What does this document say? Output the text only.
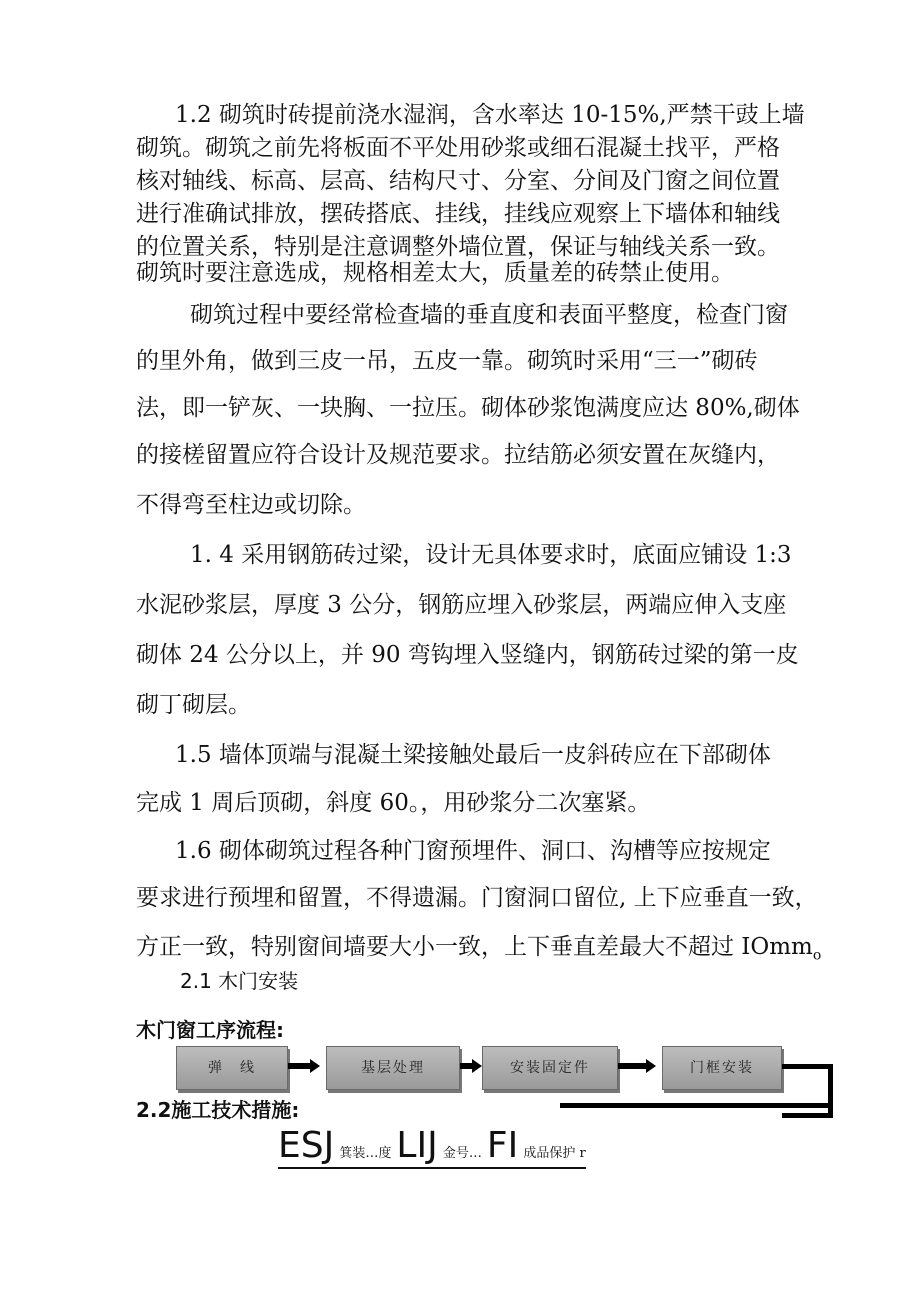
1.2 砌筑时砖提前浇水湿润，含水率达 10-15%,严禁干豉上墙
砌筑。砌筑之前先将板面不平处用砂浆或细石混凝土找平，严格
核对轴线、标高、层高、结构尺寸、分室、分间及门窗之间位置
进行准确试排放，摆砖搭底、挂线，挂线应观察上下墙体和轴线
的位置关系，特别是注意调整外墙位置，保证与轴线关系一致。
砌筑时要注意选成，规格相差太大，质量差的砖禁止使用。
砌筑过程中要经常检查墙的垂直度和表面平整度，检查门窗
的里外角，做到三皮一吊，五皮一靠。砌筑时采用“三一”砌砖
法，即一铲灰、一块胸、一拉压。砌体砂浆饱满度应达 80%,砌体
的接槎留置应符合设计及规范要求。拉结筋必须安置在灰缝内，
不得弯至柱边或切除。
1. 4 采用钢筋砖过梁，设计无具体要求时，底面应铺设 1:3
水泥砂浆层，厚度 3 公分，钢筋应埋入砂浆层，两端应伸入支座
砌体 24 公分以上，并 90 弯钩埋入竖缝内，钢筋砖过梁的第一皮
砌丁砌层。
1.5 墙体顶端与混凝土梁接触处最后一皮斜砖应在下部砌体
完成 1 周后顶砌，斜度 60。，用砂浆分二次塞紧。
1.6 砌体砌筑过程各种门窗预埋件、洞口、沟槽等应按规定
要求进行预埋和留置，不得遗漏。门窗洞口留位, 上下应垂直一致，
方正一致，特别窗间墙要大小一致，上下垂直差最大不超过 IOmm$_o$
2.1 木门安装
木门窗工序流程:
弹　线	基层处理	安装固定件	门框安装
2.2施工技术措施:
ESJ 箕装…度 LIJ 金号… FI 成品保护 r
